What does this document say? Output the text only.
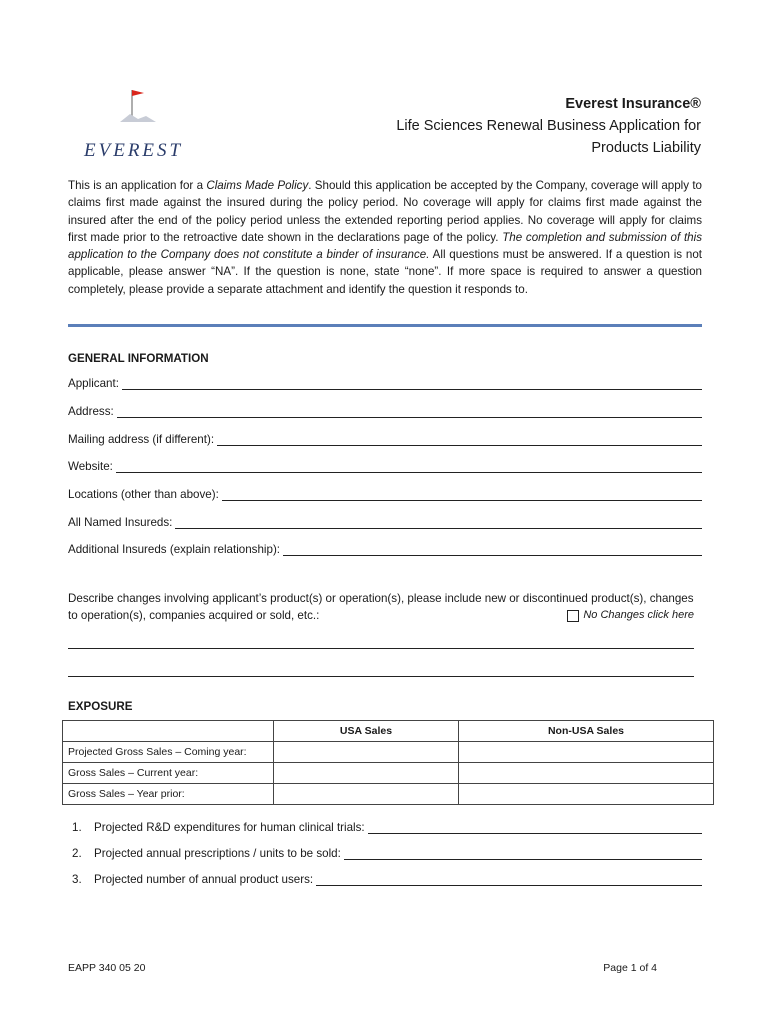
EVEREST
Everest Insurance®
Life Sciences Renewal Business Application for
Products Liability
This is an application for a Claims Made Policy. Should this application be accepted by the Company, coverage will apply to claims first made against the insured during the policy period. No coverage will apply for claims first made against the insured after the end of the policy period unless the extended reporting period applies. No coverage will apply for claims first made prior to the retroactive date shown in the declarations page of the policy. The completion and submission of this application to the Company does not constitute a binder of insurance. All questions must be answered. If a question is not applicable, please answer “NA”. If the question is none, state “none”. If more space is required to answer a question completely, please provide a separate attachment and identify the question it responds to.
GENERAL INFORMATION
Applicant:
Address:
Mailing address (if different):
Website:
Locations (other than above):
All Named Insureds:
Additional Insureds (explain relationship):
Describe changes involving applicant’s product(s) or operation(s), please include new or discontinued product(s), changes to operation(s), companies acquired or sold, etc.:	No Changes click here
EXPOSURE
	USA Sales	Non-USA Sales
Projected Gross Sales – Coming year:		
Gross Sales – Current year:		
Gross Sales – Year prior:		
1.	Projected R&D expenditures for human clinical trials:
2.	Projected annual prescriptions / units to be sold:
3.	Projected number of annual product users:
EAPP 340 05 20	Page 1 of 4
